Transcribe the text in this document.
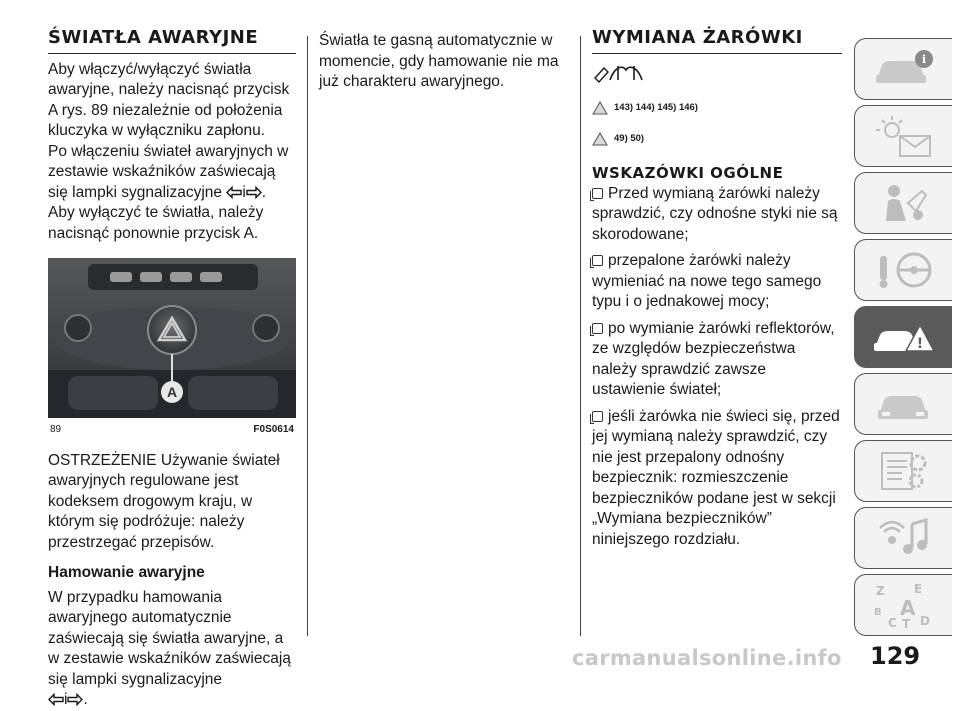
ŚWIATŁA AWARYJNE

Aby włączyć/wyłączyć światła awaryjne, należy nacisnąć przycisk A rys. 89 niezależnie od położenia kluczyka w wyłączniku zapłonu.

Po włączeniu świateł awaryjnych w zestawie wskaźników zaświecają się lampki sygnalizacyjne i .

Aby wyłączyć te światła, należy nacisnąć ponownie przycisk A.

A
89	F0S0614

OSTRZEŻENIE Używanie świateł awaryjnych regulowane jest kodeksem drogowym kraju, w którym się podróżuje: należy przestrzegać przepisów.

Hamowanie awaryjne

W przypadku hamowania awaryjnego automatycznie zaświecają się światła awaryjne, a w zestawie wskaźników zaświecają się lampki sygnalizacyjne

i .

Światła te gasną automatycznie w momencie, gdy hamowanie nie ma już charakteru awaryjnego.

WYMIANA ŻARÓWKI
143) 144) 145) 146)
49) 50)
WSKAZÓWKI OGÓLNE

Przed wymianą żarówki należy sprawdzić, czy odnośne styki nie są skorodowane;

przepalone żarówki należy wymieniać na nowe tego samego typu i o jednakowej mocy;

po wymianie żarówki reflektorów, ze względów bezpieczeństwa należy sprawdzić zawsze ustawienie świateł;

jeśli żarówka nie świeci się, przed jej wymianą należy sprawdzić, czy nie jest przepalony odnośny bezpiecznik: rozmieszczenie bezpieczników podane jest w sekcji „Wymiana bezpieczników” niniejszego rozdziału.

i
!
Z E
B A
C T D
carmanualsonline.info 129
